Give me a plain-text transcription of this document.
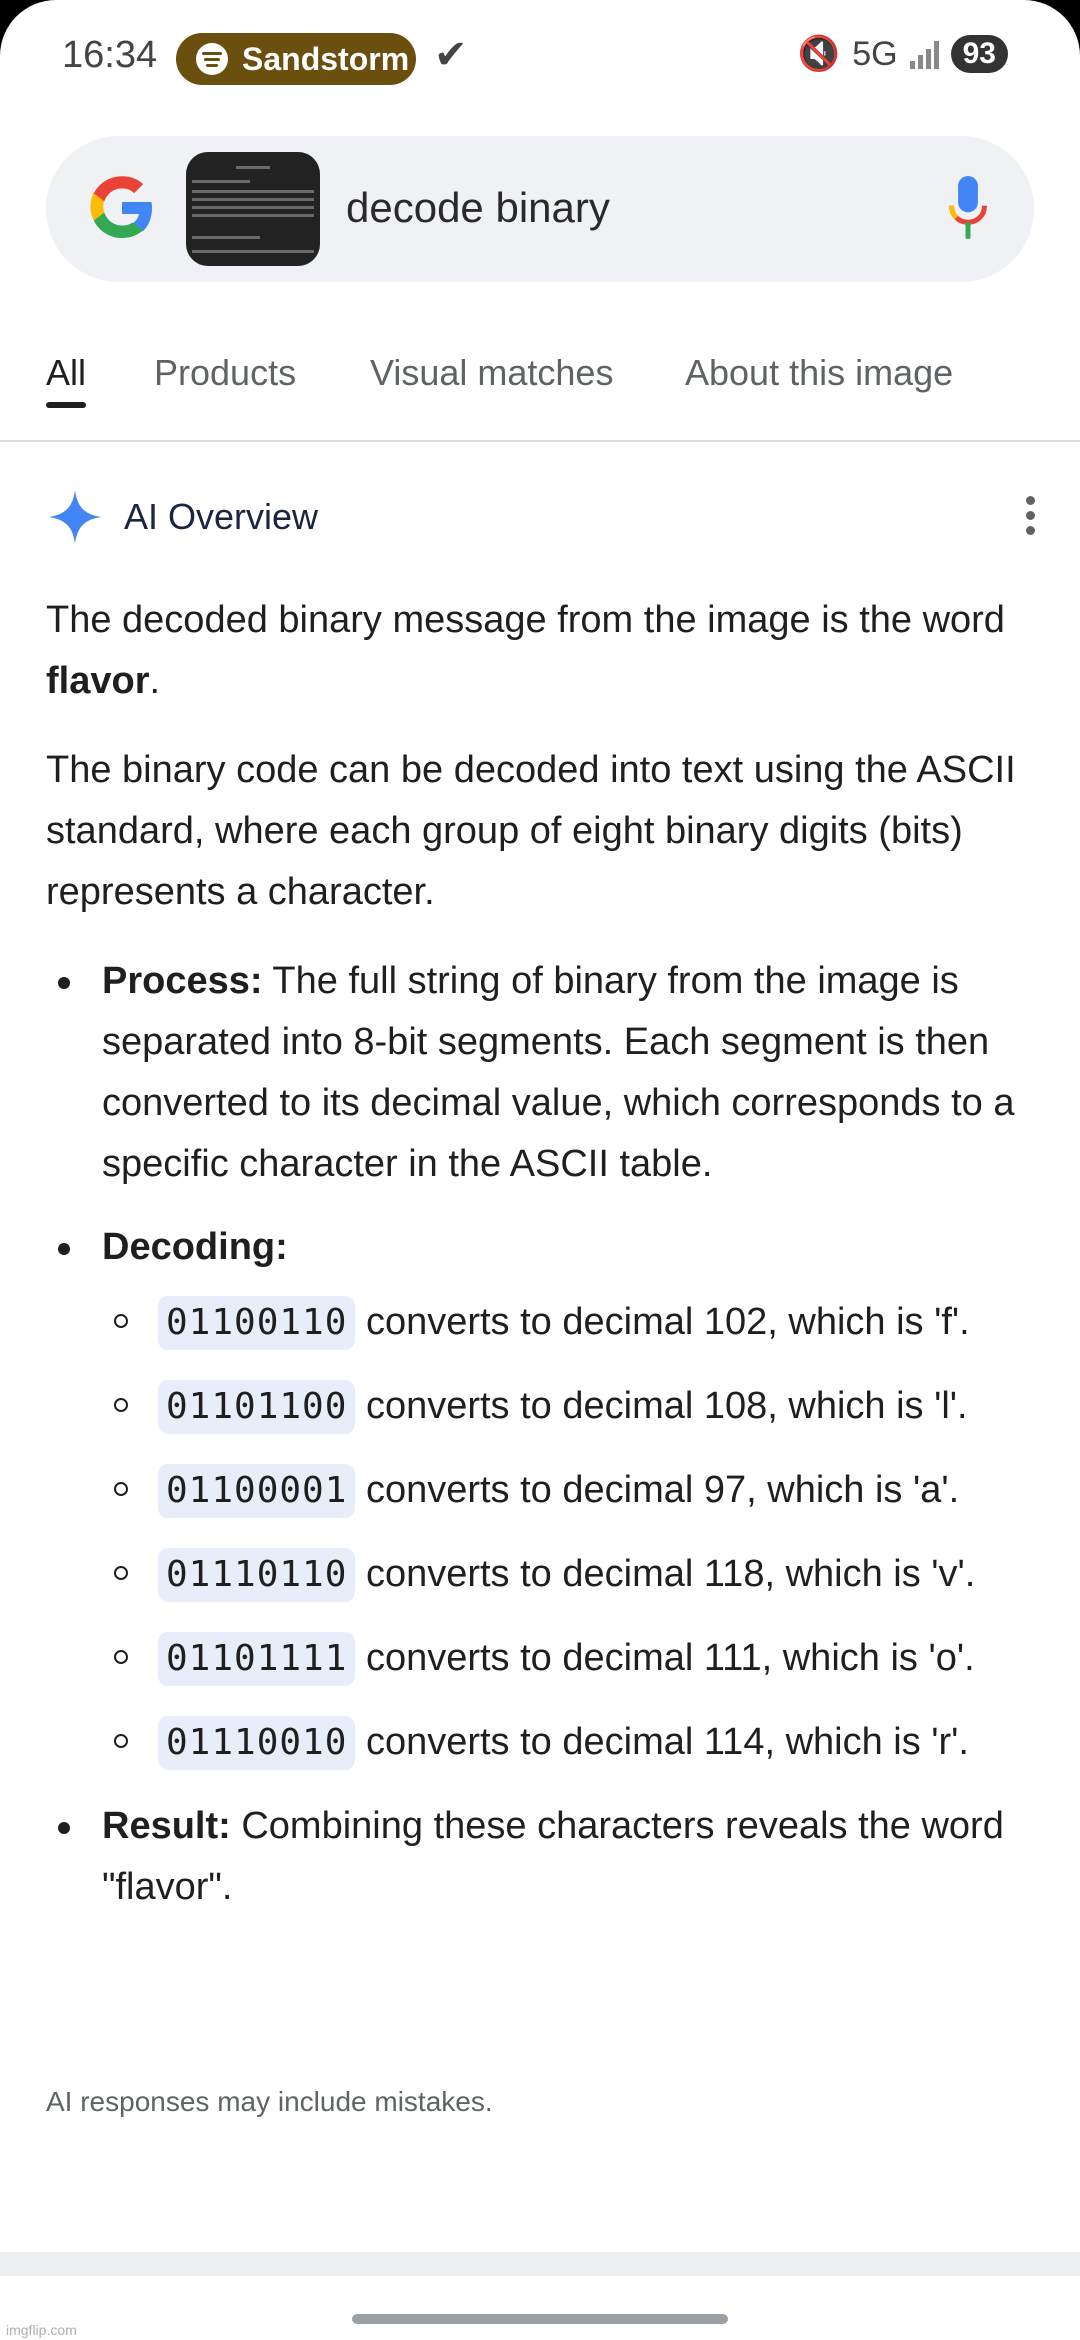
16:34	Sandstorm ✔	🔇 5G	93
decode binary
All Products Visual matches About this image
AI Overview

The decoded binary message from the image is the word flavor.

The binary code can be decoded into text using the ASCII standard, where each group of eight binary digits (bits) represents a character.

Process: The full string of binary from the image is separated into 8-bit segments. Each segment is then converted to its decimal value, which corresponds to a specific character in the ASCII table.
Decoding:
01100110 converts to decimal 102, which is 'f'.
01101100 converts to decimal 108, which is 'l'.
01100001 converts to decimal 97, which is 'a'.
01110110 converts to decimal 118, which is 'v'.
01101111 converts to decimal 111, which is 'o'.
01110010 converts to decimal 114, which is 'r'.
Result: Combining these characters reveals the word "flavor".
AI responses may include mistakes.
imgflip.com
